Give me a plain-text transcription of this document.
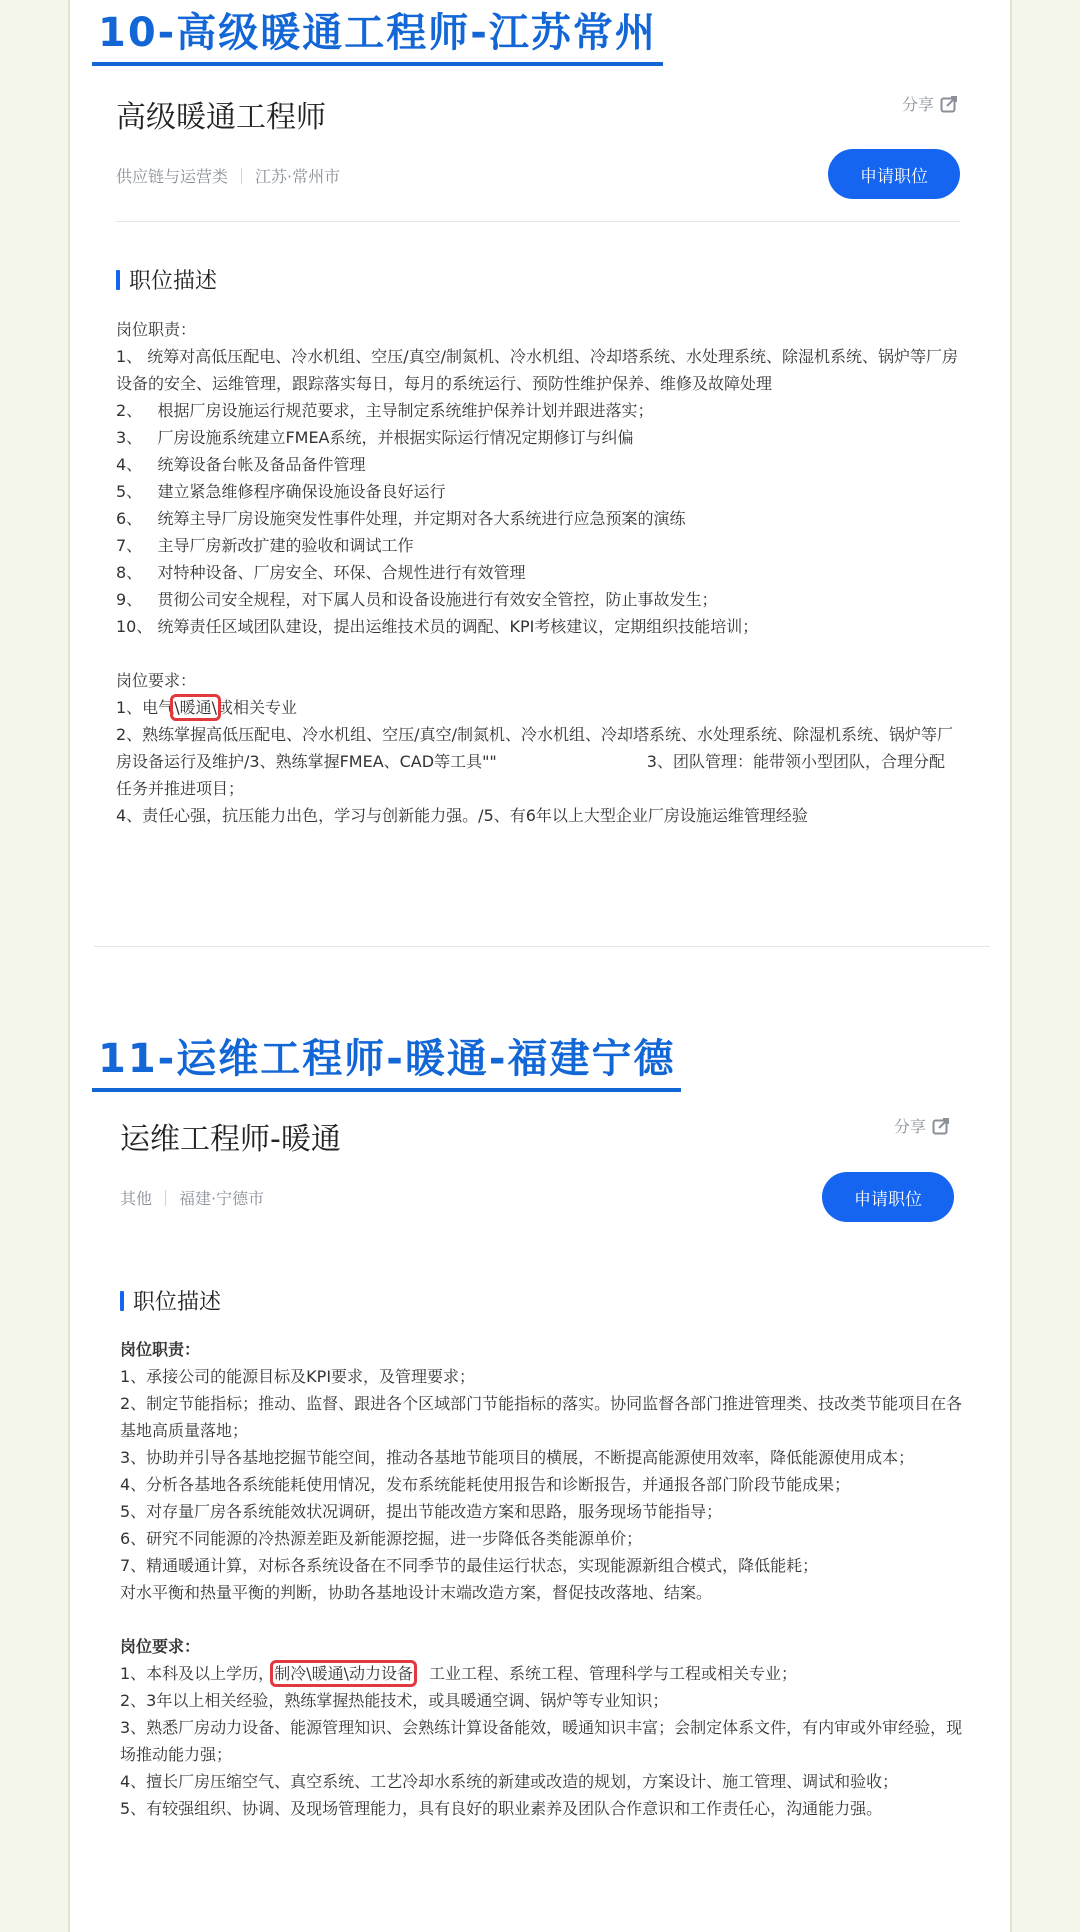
10-高级暖通工程师-江苏常州
高级暖通工程师	分享
供应链与运营类 江苏·常州市	申请职位
职位描述
岗位职责：
1、 统筹对高低压配电、冷水机组、空压/真空/制氮机、冷水机组、冷却塔系统、水处理系统、除湿机系统、锅炉等厂房设备的安全、运维管理，跟踪落实每日，每月的系统运行、预防性维护保养、维修及故障处理
2、   根据厂房设施运行规范要求，主导制定系统维护保养计划并跟进落实；
3、   厂房设施系统建立FMEA系统，并根据实际运行情况定期修订与纠偏
4、   统筹设备台帐及备品备件管理
5、   建立紧急维修程序确保设施设备良好运行
6、   统筹主导厂房设施突发性事件处理，并定期对各大系统进行应急预案的演练
7、   主导厂房新改扩建的验收和调试工作
8、   对特种设备、厂房安全、环保、合规性进行有效管理
9、   贯彻公司安全规程，对下属人员和设备设施进行有效安全管控，防止事故发生；
10、 统筹责任区域团队建设，提出运维技术员的调配、KPI考核建议，定期组织技能培训；
岗位要求：
1、电气\暖通\或相关专业
2、熟练掌握高低压配电、冷水机组、空压/真空/制氮机、冷水机组、冷却塔系统、水处理系统、除湿机系统、锅炉等厂房设备运行及维护/3、熟练掌握FMEA、CAD等工具""	3、团队管理：能带领小型团队，合理分配任务并推进项目；
4、责任心强，抗压能力出色，学习与创新能力强。/5、有6年以上大型企业厂房设施运维管理经验
11-运维工程师-暖通-福建宁德
运维工程师-暖通	分享
其他 福建·宁德市	申请职位
职位描述
岗位职责：
1、承接公司的能源目标及KPI要求，及管理要求；
2、制定节能指标；推动、监督、跟进各个区域部门节能指标的落实。协同监督各部门推进管理类、技改类节能项目在各基地高质量落地；
3、协助并引导各基地挖掘节能空间，推动各基地节能项目的横展，不断提高能源使用效率，降低能源使用成本；
4、分析各基地各系统能耗使用情况，发布系统能耗使用报告和诊断报告，并通报各部门阶段节能成果；
5、对存量厂房各系统能效状况调研，提出节能改造方案和思路，服务现场节能指导；
6、研究不同能源的冷热源差距及新能源挖掘，进一步降低各类能源单价；
7、精通暖通计算，对标各系统设备在不同季节的最佳运行状态，实现能源新组合模式，降低能耗；
对水平衡和热量平衡的判断，协助各基地设计末端改造方案，督促技改落地、结案。
岗位要求：
1、本科及以上学历，制冷\暖通\动力设备，工业工程、系统工程、管理科学与工程或相关专业；
2、3年以上相关经验，熟练掌握热能技术，或具暖通空调、锅炉等专业知识；
3、熟悉厂房动力设备、能源管理知识、会熟练计算设备能效，暖通知识丰富；会制定体系文件，有内审或外审经验，现场推动能力强；
4、擅长厂房压缩空气、真空系统、工艺冷却水系统的新建或改造的规划，方案设计、施工管理、调试和验收；
5、有较强组织、协调、及现场管理能力，具有良好的职业素养及团队合作意识和工作责任心，沟通能力强。
